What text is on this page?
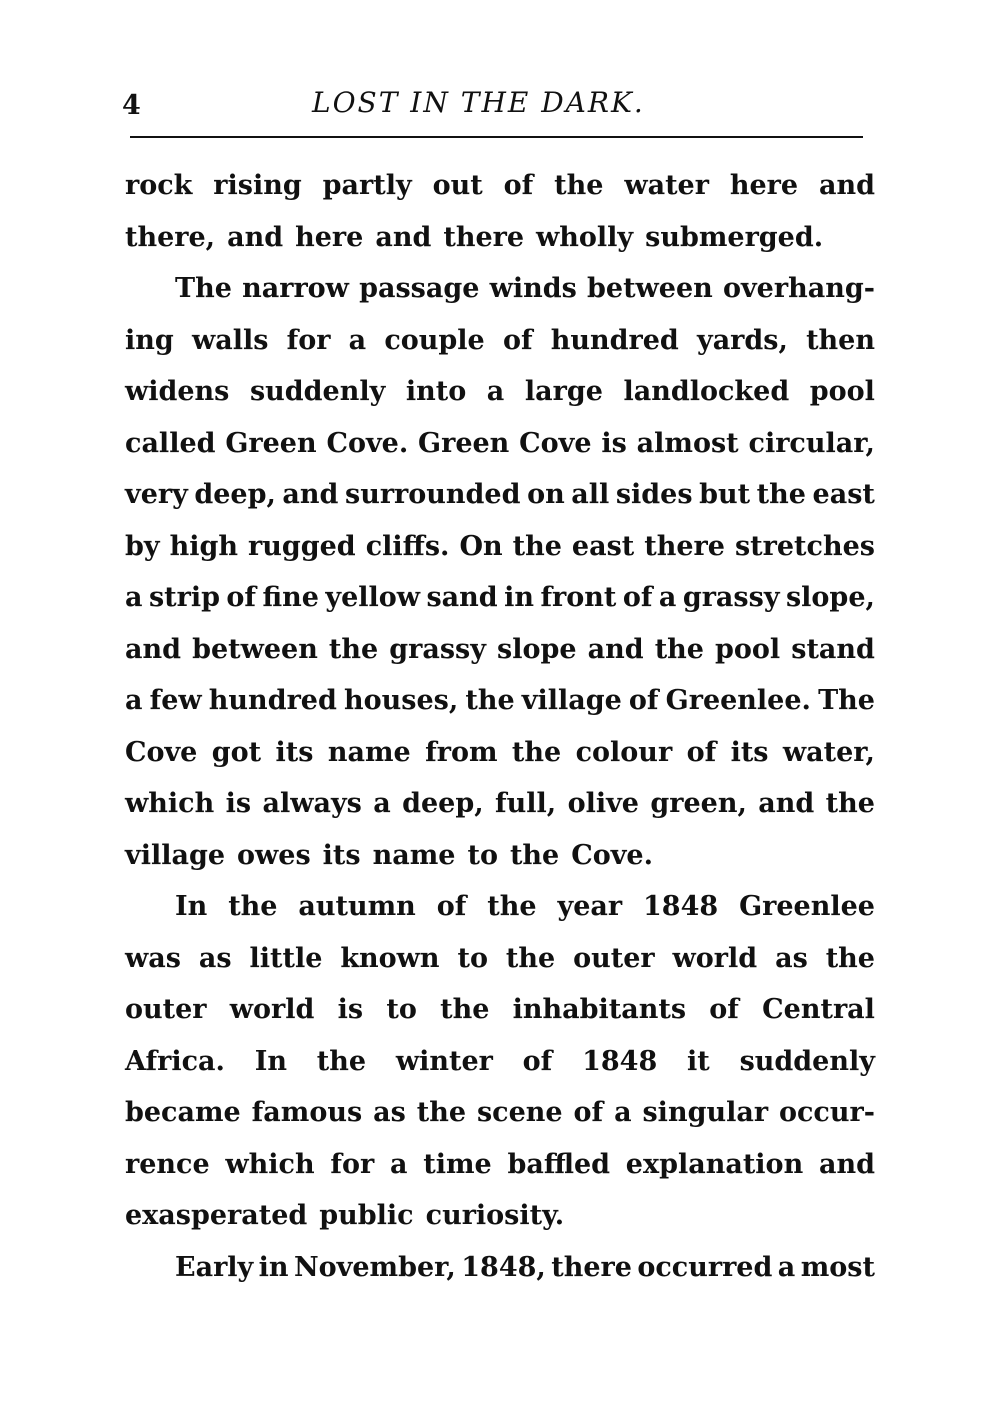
4	LOST IN THE DARK.
rock rising partly out of the water here and
there, and here and there wholly submerged.
The narrow passage winds between overhang-
ing walls for a couple of hundred yards, then
widens suddenly into a large landlocked pool
called Green Cove. Green Cove is almost circular,
very deep, and surrounded on all sides but the east
by high rugged cliffs. On the east there stretches
a strip of fine yellow sand in front of a grassy slope,
and between the grassy slope and the pool stand
a few hundred houses, the village of Greenlee. The
Cove got its name from the colour of its water,
which is always a deep, full, olive green, and the
village owes its name to the Cove.
In the autumn of the year 1848 Greenlee
was as little known to the outer world as the
outer world is to the inhabitants of Central
Africa. In the winter of 1848 it suddenly
became famous as the scene of a singular occur-
rence which for a time baffled explanation and
exasperated public curiosity.
Early in November, 1848, there occurred a most
